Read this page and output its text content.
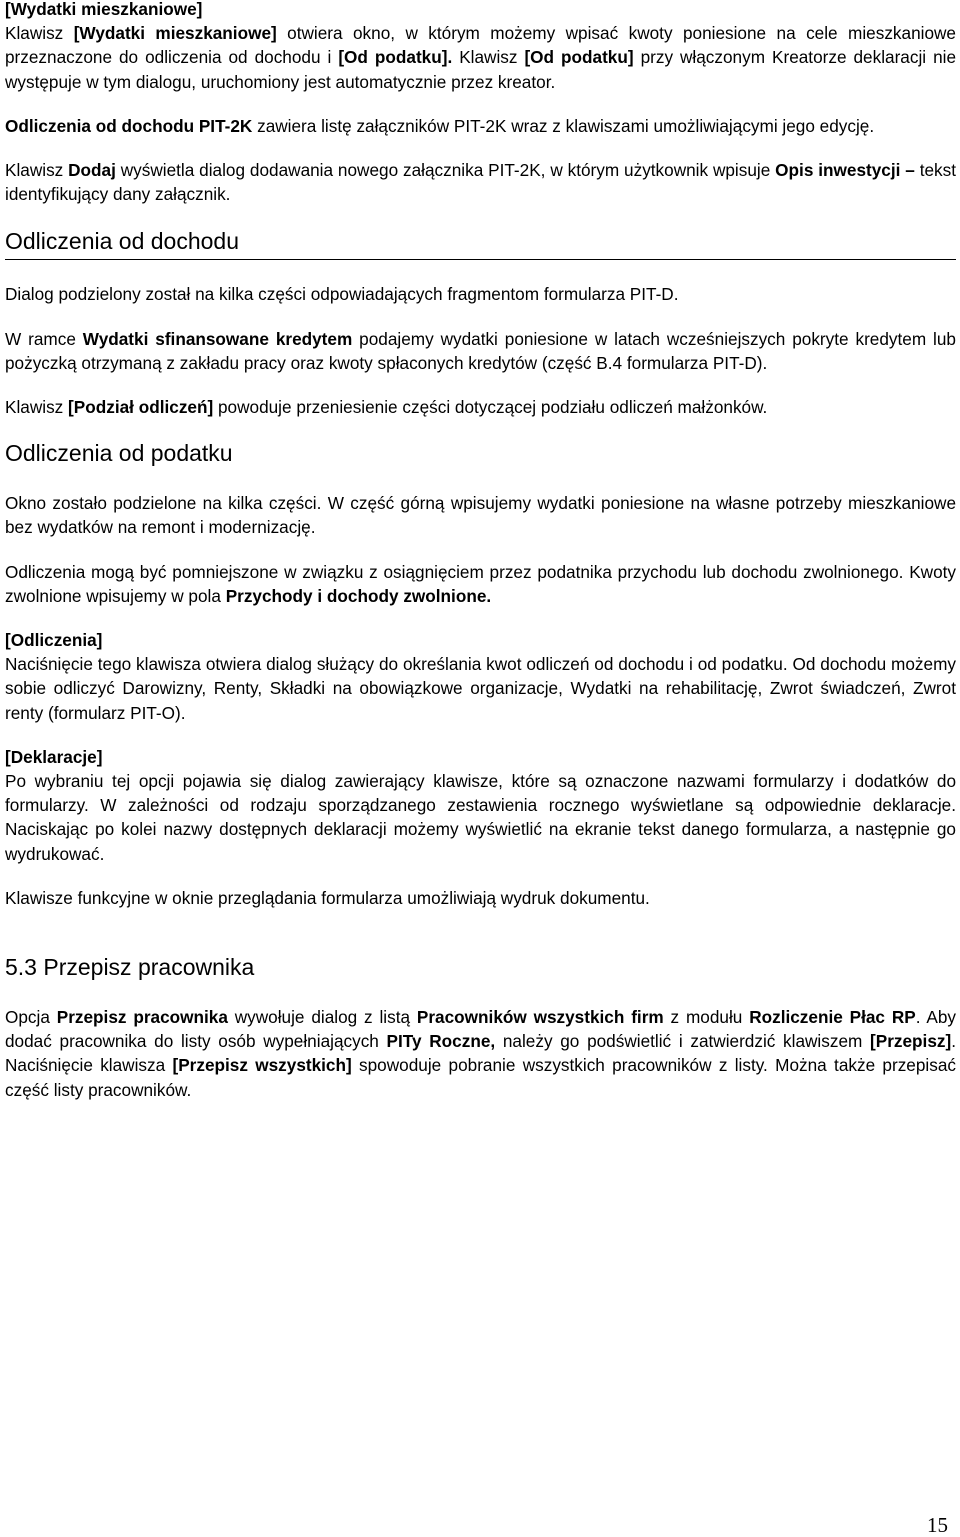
[Wydatki mieszkaniowe]
Klawisz [Wydatki mieszkaniowe] otwiera okno, w którym możemy wpisać kwoty poniesione na cele mieszkaniowe przeznaczone do odliczenia od dochodu i [Od podatku]. Klawisz [Od podatku] przy włączonym Kreatorze deklaracji nie występuje w tym dialogu, uruchomiony jest automatycznie przez kreator.

Odliczenia od dochodu PIT-2K zawiera listę załączników PIT-2K wraz z klawiszami umożliwiającymi jego edycję.

Klawisz Dodaj wyświetla dialog dodawania nowego załącznika PIT-2K, w którym użytkownik wpisuje Opis inwestycji – tekst identyfikujący dany załącznik.

Odliczenia od dochodu

Dialog podzielony został na kilka części odpowiadających fragmentom formularza PIT-D.

W ramce Wydatki sfinansowane kredytem podajemy wydatki poniesione w latach wcześniejszych pokryte kredytem lub pożyczką otrzymaną z zakładu pracy oraz kwoty spłaconych kredytów (część B.4 formularza PIT-D).

Klawisz [Podział odliczeń] powoduje przeniesienie części dotyczącej podziału odliczeń małżonków.

Odliczenia od podatku

Okno zostało podzielone na kilka części. W część górną wpisujemy wydatki poniesione na własne potrzeby mieszkaniowe bez wydatków na remont i modernizację.

Odliczenia mogą być pomniejszone w związku z osiągnięciem przez podatnika przychodu lub dochodu zwolnionego. Kwoty zwolnione wpisujemy w pola Przychody i dochody zwolnione.

[Odliczenia]
Naciśnięcie tego klawisza otwiera dialog służący do określania kwot odliczeń od dochodu i od podatku. Od dochodu możemy sobie odliczyć Darowizny, Renty, Składki na obowiązkowe organizacje, Wydatki na rehabilitację, Zwrot świadczeń, Zwrot renty (formularz PIT-O).

[Deklaracje]
Po wybraniu tej opcji pojawia się dialog zawierający klawisze, które są oznaczone nazwami formularzy i dodatków do formularzy. W zależności od rodzaju sporządzanego zestawienia rocznego wyświetlane są odpowiednie deklaracje. Naciskając po kolei nazwy dostępnych deklaracji możemy wyświetlić na ekranie tekst danego formularza, a następnie go wydrukować.

Klawisze funkcyjne w oknie przeglądania formularza umożliwiają wydruk dokumentu.

5.3 Przepisz pracownika

Opcja Przepisz pracownika wywołuje dialog z listą Pracowników wszystkich firm z modułu Rozliczenie Płac RP. Aby dodać pracownika do listy osób wypełniających PITy Roczne, należy go podświetlić i zatwierdzić klawiszem [Przepisz]. Naciśnięcie klawisza [Przepisz wszystkich] spowoduje pobranie wszystkich pracowników z listy. Można także przepisać część listy pracowników.

15
